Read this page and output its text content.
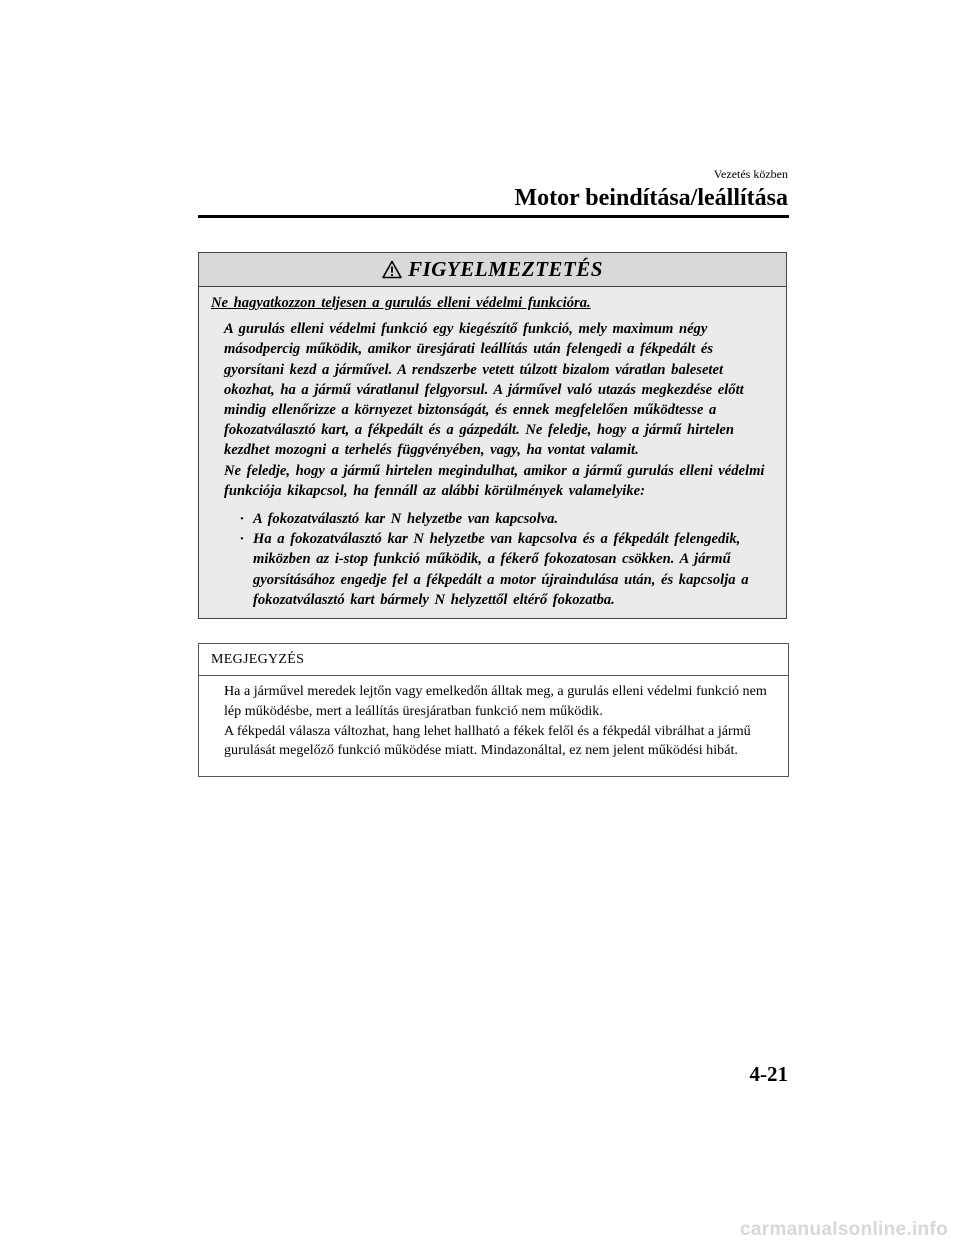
Vezetés közben
Motor beindítása/leállítása
FIGYELMEZTETÉS
Ne hagyatkozzon teljesen a gurulás elleni védelmi funkcióra.
· A gurulás elleni védelmi funkció egy kiegészítő funkció, mely maximum négy másodpercig működik, amikor üresjárati leállítás után felengedi a fékpedált és gyorsítani kezd a járművel. A rendszerbe vetett túlzott bizalom váratlan balesetet okozhat, ha a jármű váratlanul felgyorsul. A járművel való utazás megkezdése előtt mindig ellenőrizze a környezet biztonságát, és ennek megfelelően működtesse a fokozatválasztó kart, a fékpedált és a gázpedált. Ne feledje, hogy a jármű hirtelen kezdhet mozogni a terhelés függvényében, vagy, ha vontat valamit.
· Ne feledje, hogy a jármű hirtelen megindulhat, amikor a jármű gurulás elleni védelmi funkciója kikapcsol, ha fennáll az alábbi körülmények valamelyike:
· A fokozatválasztó kar N helyzetbe van kapcsolva.
· Ha a fokozatválasztó kar N helyzetbe van kapcsolva és a fékpedált felengedik, miközben az i-stop funkció működik, a fékerő fokozatosan csökken. A jármű gyorsításához engedje fel a fékpedált a motor újraindulása után, és kapcsolja a fokozatválasztó kart bármely N helyzettől eltérő fokozatba.
MEGJEGYZÉS
· Ha a járművel meredek lejtőn vagy emelkedőn álltak meg, a gurulás elleni védelmi funkció nem lép működésbe, mert a leállítás üresjáratban funkció nem működik.
· A fékpedál válasza változhat, hang lehet hallható a fékek felől és a fékpedál vibrálhat a jármű gurulását megelőző funkció működése miatt. Mindazonáltal, ez nem jelent működési hibát.
4-21
carmanualsonline.info
